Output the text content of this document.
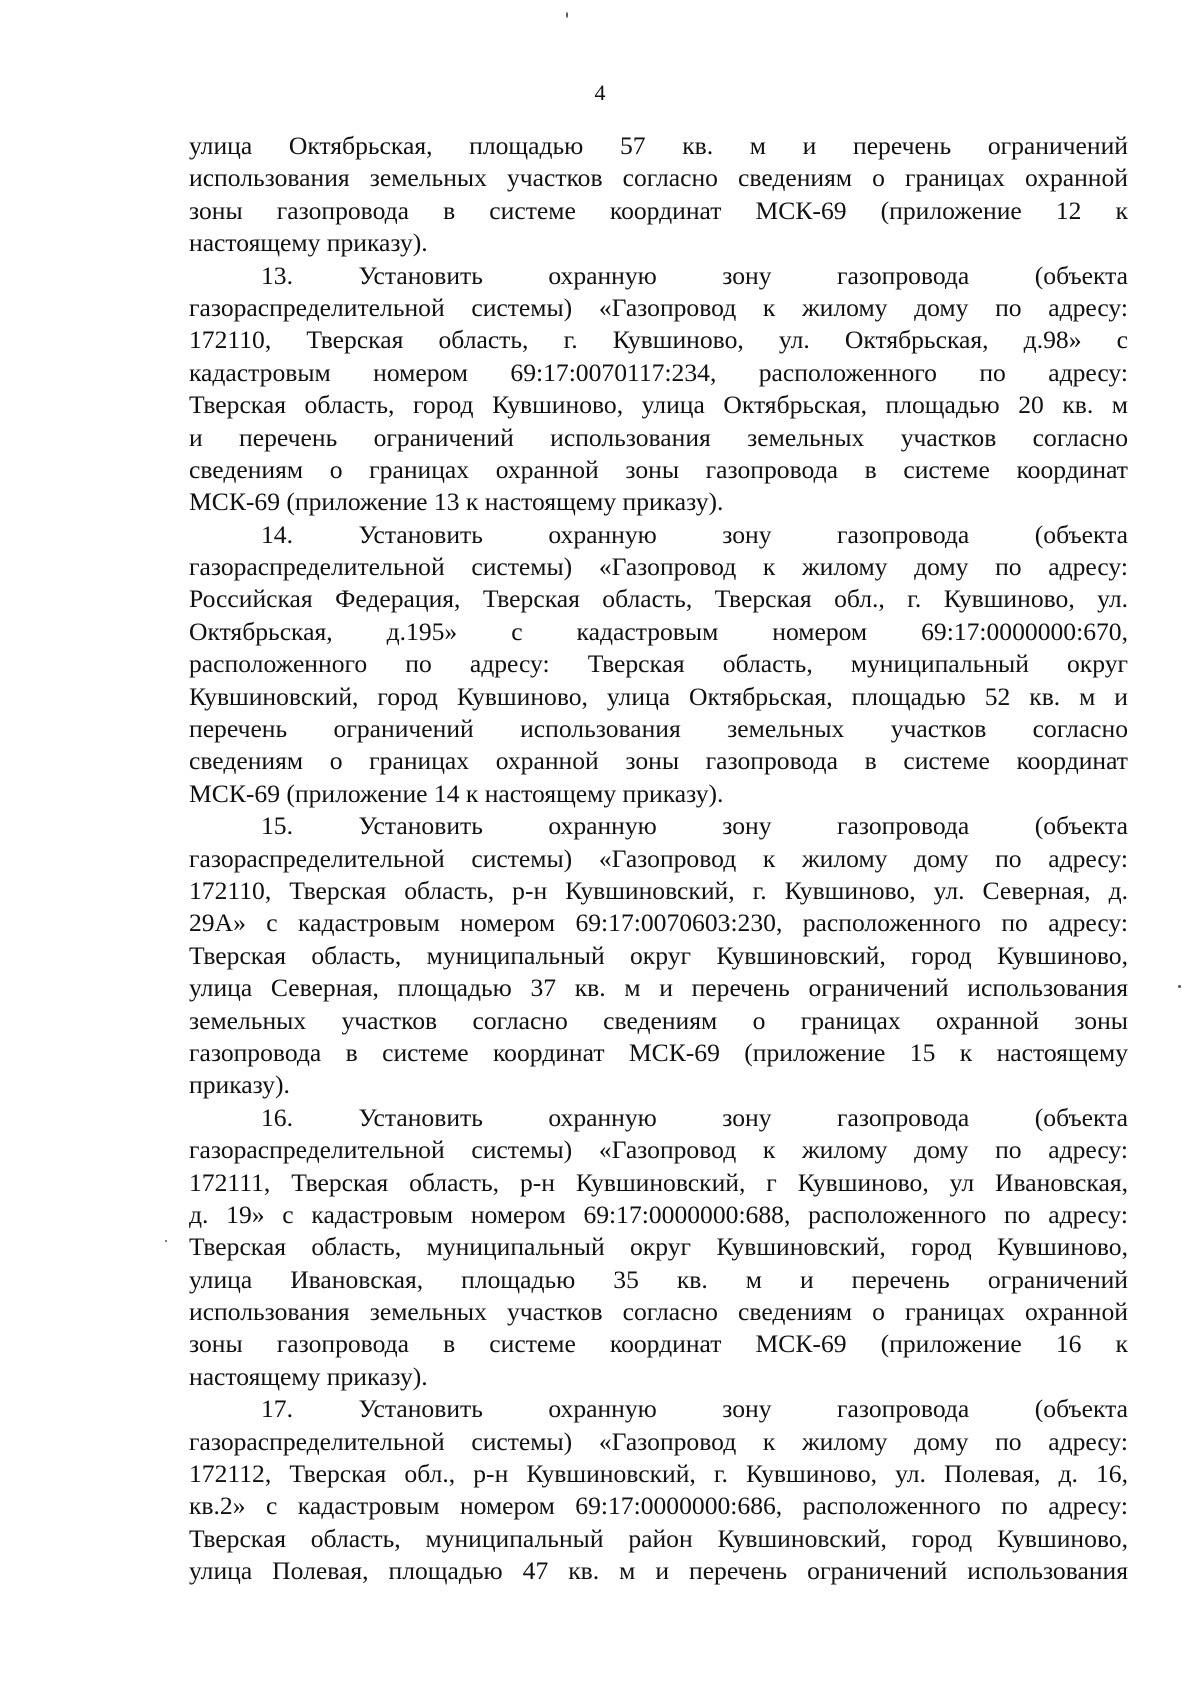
4
улица Октябрьская, площадью 57 кв. м и перечень ограничений
использования земельных участков согласно сведениям о границах охранной
зоны газопровода в системе координат МСК-69 (приложение 12 к
настоящему приказу).
13. Установить охранную зону газопровода (объекта
газораспределительной системы) «Газопровод к жилому дому по адресу:
172110, Тверская область, г. Кувшиново, ул. Октябрьская, д.98» с
кадастровым номером 69:17:0070117:234, расположенного по адресу:
Тверская область, город Кувшиново, улица Октябрьская, площадью 20 кв. м
и перечень ограничений использования земельных участков согласно
сведениям о границах охранной зоны газопровода в системе координат
МСК-69 (приложение 13 к настоящему приказу).
14. Установить охранную зону газопровода (объекта
газораспределительной системы) «Газопровод к жилому дому по адресу:
Российская Федерация, Тверская область, Тверская обл., г. Кувшиново, ул.
Октябрьская, д.195» с кадастровым номером 69:17:0000000:670,
расположенного по адресу: Тверская область, муниципальный округ
Кувшиновский, город Кувшиново, улица Октябрьская, площадью 52 кв. м и
перечень ограничений использования земельных участков согласно
сведениям о границах охранной зоны газопровода в системе координат
МСК-69 (приложение 14 к настоящему приказу).
15. Установить охранную зону газопровода (объекта
газораспределительной системы) «Газопровод к жилому дому по адресу:
172110, Тверская область, р-н Кувшиновский, г. Кувшиново, ул. Северная, д.
29А» с кадастровым номером 69:17:0070603:230, расположенного по адресу:
Тверская область, муниципальный округ Кувшиновский, город Кувшиново,
улица Северная, площадью 37 кв. м и перечень ограничений использования
земельных участков согласно сведениям о границах охранной зоны
газопровода в системе координат МСК-69 (приложение 15 к настоящему
приказу).
16. Установить охранную зону газопровода (объекта
газораспределительной системы) «Газопровод к жилому дому по адресу:
172111, Тверская область, р-н Кувшиновский, г Кувшиново, ул Ивановская,
д. 19» с кадастровым номером 69:17:0000000:688, расположенного по адресу:
Тверская область, муниципальный округ Кувшиновский, город Кувшиново,
улица Ивановская, площадью 35 кв. м и перечень ограничений
использования земельных участков согласно сведениям о границах охранной
зоны газопровода в системе координат МСК-69 (приложение 16 к
настоящему приказу).
17. Установить охранную зону газопровода (объекта
газораспределительной системы) «Газопровод к жилому дому по адресу:
172112, Тверская обл., р-н Кувшиновский, г. Кувшиново, ул. Полевая, д. 16,
кв.2» с кадастровым номером 69:17:0000000:686, расположенного по адресу:
Тверская область, муниципальный район Кувшиновский, город Кувшиново,
улица Полевая, площадью 47 кв. м и перечень ограничений использования
